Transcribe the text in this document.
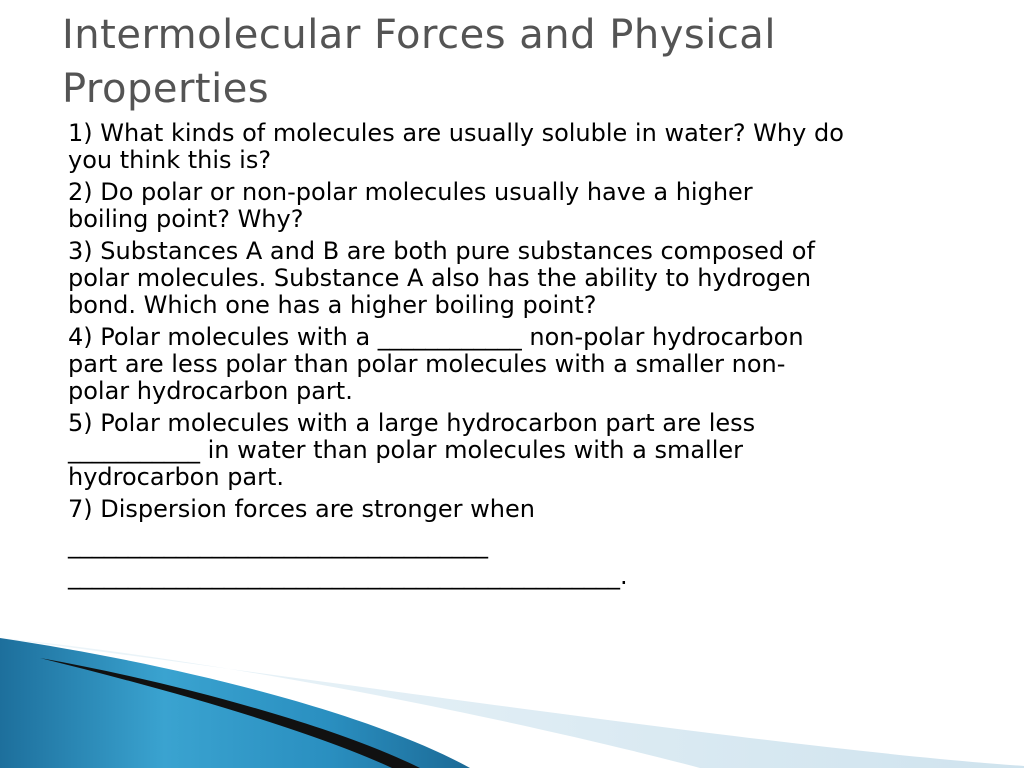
Intermolecular Forces and Physical Properties
1) What kinds of molecules are usually soluble in water? Why do
you think this is?
2) Do polar or non-polar molecules usually have a higher
boiling point? Why?
3) Substances A and B are both pure substances composed of
polar molecules. Substance A also has the ability to hydrogen
bond. Which one has a higher boiling point?
4) Polar molecules with a ____________ non-polar hydrocarbon
part are less polar than polar molecules with a smaller non-
polar hydrocarbon part.
5) Polar molecules with a large hydrocarbon part are less
___________ in water than polar molecules with a smaller
hydrocarbon part.
7) Dispersion forces are stronger when
___________________________________

______________________________________________.
